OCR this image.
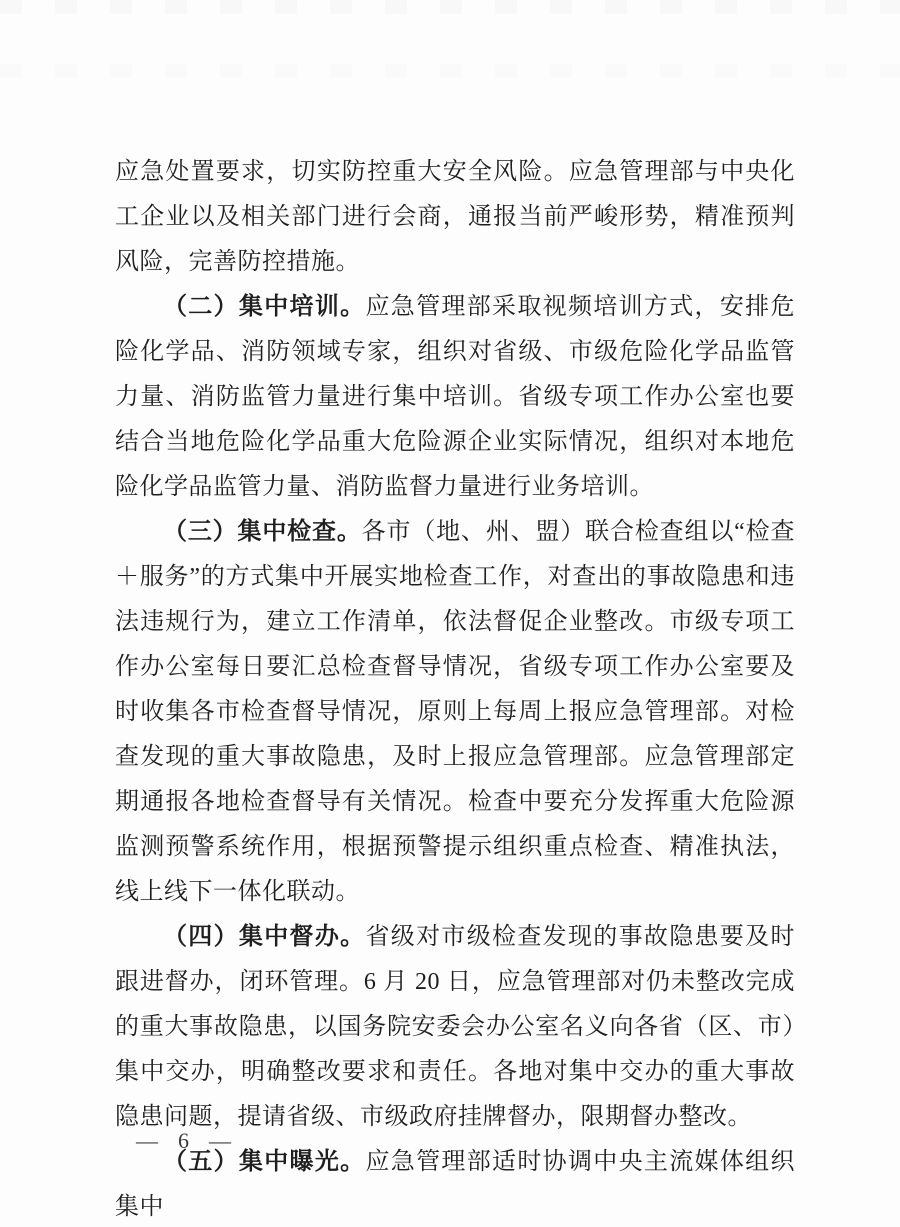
应急处置要求，切实防控重大安全风险。应急管理部与中央化工企业以及相关部门进行会商，通报当前严峻形势，精准预判风险，完善防控措施。

（二）集中培训。应急管理部采取视频培训方式，安排危险化学品、消防领域专家，组织对省级、市级危险化学品监管力量、消防监管力量进行集中培训。省级专项工作办公室也要结合当地危险化学品重大危险源企业实际情况，组织对本地危险化学品监管力量、消防监督力量进行业务培训。

（三）集中检查。各市（地、州、盟）联合检查组以“检查＋服务”的方式集中开展实地检查工作，对查出的事故隐患和违法违规行为，建立工作清单，依法督促企业整改。市级专项工作办公室每日要汇总检查督导情况，省级专项工作办公室要及时收集各市检查督导情况，原则上每周上报应急管理部。对检查发现的重大事故隐患，及时上报应急管理部。应急管理部定期通报各地检查督导有关情况。检查中要充分发挥重大危险源监测预警系统作用，根据预警提示组织重点检查、精准执法，线上线下一体化联动。

（四）集中督办。省级对市级检查发现的事故隐患要及时跟进督办，闭环管理。6 月 20 日，应急管理部对仍未整改完成的重大事故隐患，以国务院安委会办公室名义向各省（区、市）集中交办，明确整改要求和责任。各地对集中交办的重大事故隐患问题，提请省级、市级政府挂牌督办，限期督办整改。

（五）集中曝光。应急管理部适时协调中央主流媒体组织集中

— 6 —
